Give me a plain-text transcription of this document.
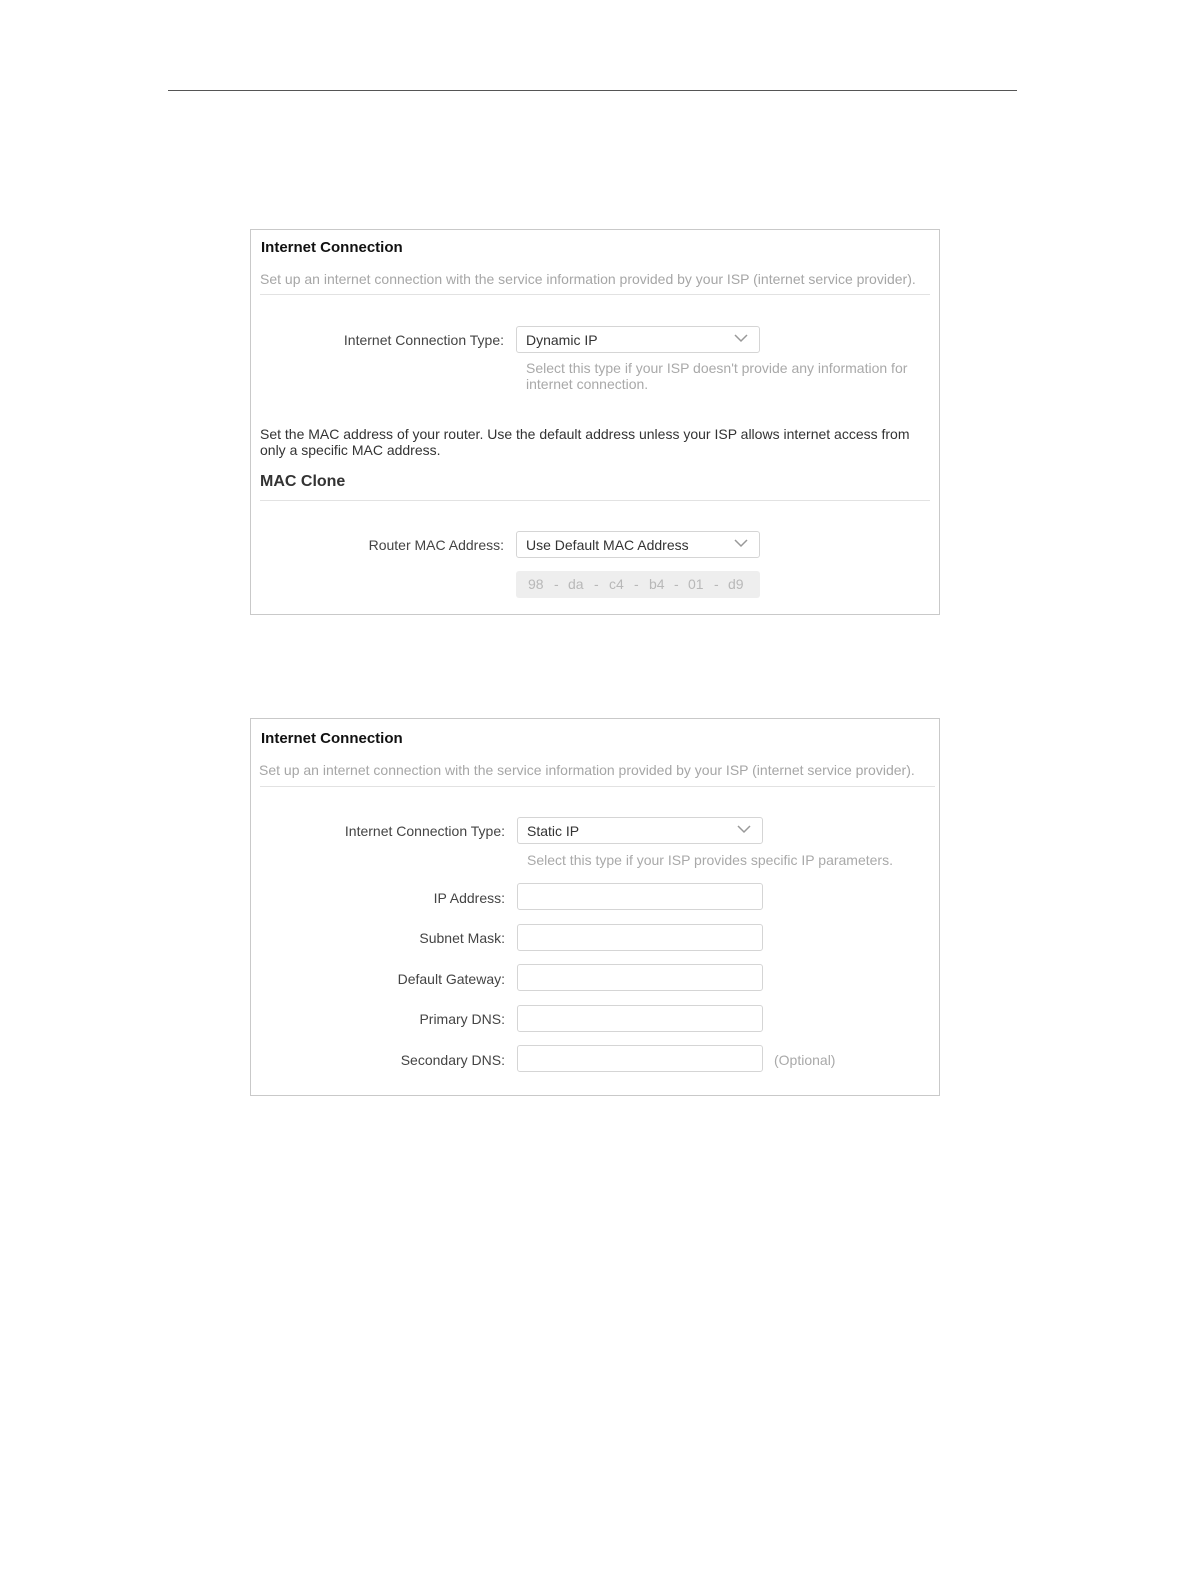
Internet Connection
Set up an internet connection with the service information provided by your ISP (internet service provider).
Internet Connection Type: Dynamic IP
Select this type if your ISP doesn't provide any information for internet connection.
Set the MAC address of your router. Use the default address unless your ISP allows internet access from only a specific MAC address.
MAC Clone
Router MAC Address: Use Default MAC Address
98 - da - c4 - b4 - 01 - d9
Internet Connection
Set up an internet connection with the service information provided by your ISP (internet service provider).
Internet Connection Type: Static IP
Select this type if your ISP provides specific IP parameters.
IP Address:
Subnet Mask:
Default Gateway:
Primary DNS:
Secondary DNS:	(Optional)
